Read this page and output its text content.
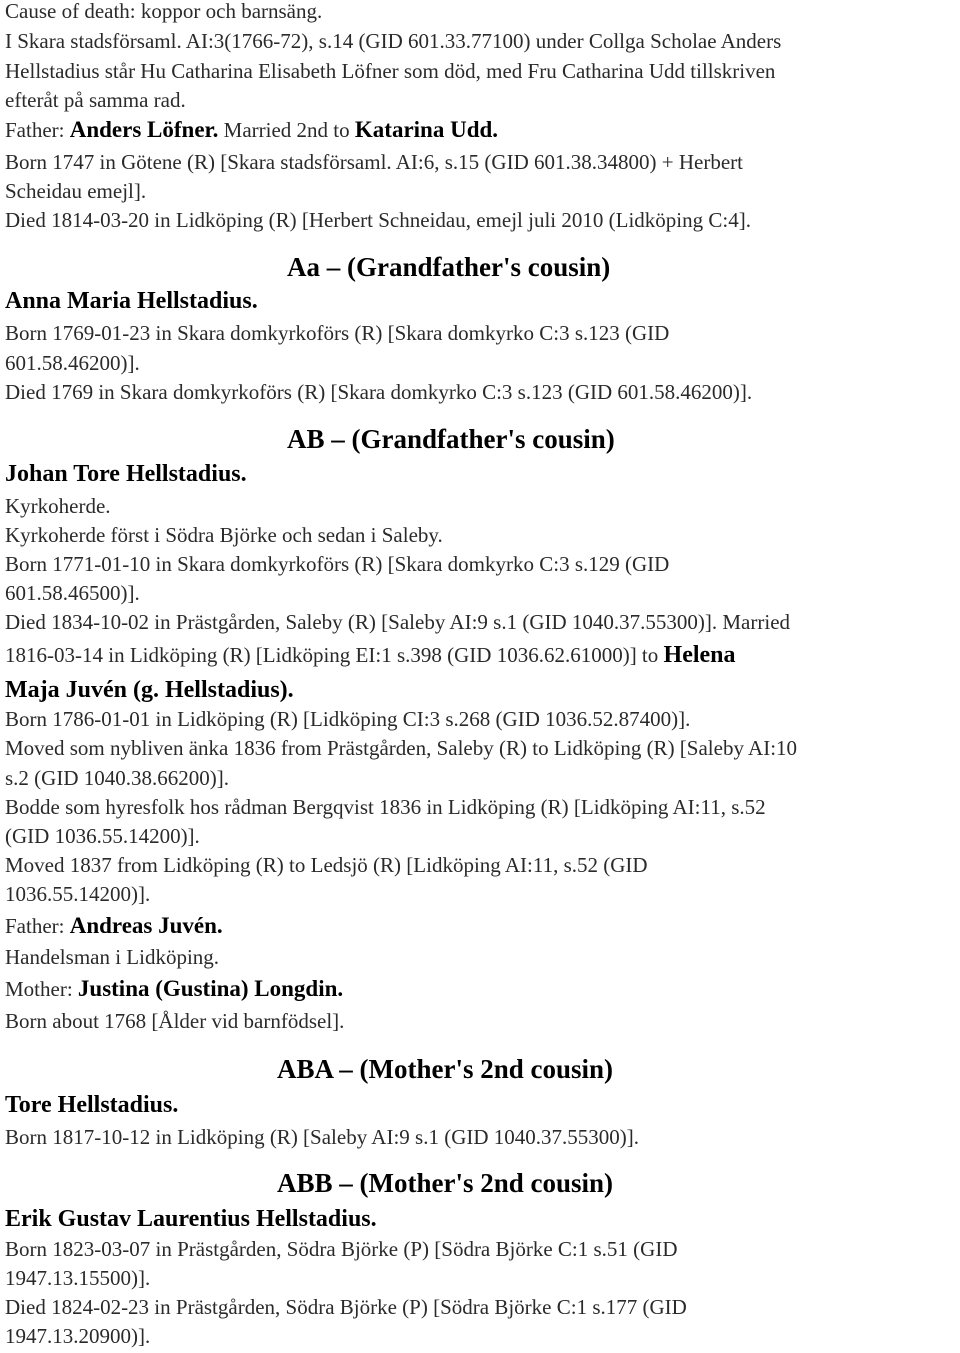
Cause of death: koppor och barnsäng.
I Skara stadsförsaml. AI:3(1766-72), s.14 (GID 601.33.77100) under Collga Scholae Anders
Hellstadius står Hu Catharina Elisabeth Löfner som död, med Fru Catharina Udd tillskriven
efteråt på samma rad.
Father: Anders Löfner. Married 2nd to Katarina Udd.
Born 1747 in Götene (R) [Skara stadsförsaml. AI:6, s.15 (GID 601.38.34800) + Herbert
Scheidau emejl].
Died 1814-03-20 in Lidköping (R) [Herbert Schneidau, emejl juli 2010 (Lidköping C:4].
Aa – (Grandfather's cousin)
Anna Maria Hellstadius.
Born 1769-01-23 in Skara domkyrkoförs (R) [Skara domkyrko C:3 s.123 (GID
601.58.46200)].
Died 1769 in Skara domkyrkoförs (R) [Skara domkyrko C:3 s.123 (GID 601.58.46200)].
AB – (Grandfather's cousin)
Johan Tore Hellstadius.
Kyrkoherde.
Kyrkoherde först i Södra Björke och sedan i Saleby.
Born 1771-01-10 in Skara domkyrkoförs (R) [Skara domkyrko C:3 s.129 (GID
601.58.46500)].
Died 1834-10-02 in Prästgården, Saleby (R) [Saleby AI:9 s.1 (GID 1040.37.55300)]. Married
1816-03-14 in Lidköping (R) [Lidköping EI:1 s.398 (GID 1036.62.61000)] to Helena
Maja Juvén (g. Hellstadius).
Born 1786-01-01 in Lidköping (R) [Lidköping CI:3 s.268 (GID 1036.52.87400)].
Moved som nybliven änka 1836 from Prästgården, Saleby (R) to Lidköping (R) [Saleby AI:10
s.2 (GID 1040.38.66200)].
Bodde som hyresfolk hos rådman Bergqvist 1836 in Lidköping (R) [Lidköping AI:11, s.52
(GID 1036.55.14200)].
Moved 1837 from Lidköping (R) to Ledsjö (R) [Lidköping AI:11, s.52 (GID
1036.55.14200)].
Father: Andreas Juvén.
Handelsman i Lidköping.
Mother: Justina (Gustina) Longdin.
Born about 1768 [Ålder vid barnfödsel].
ABA – (Mother's 2nd cousin)
Tore Hellstadius.
Born 1817-10-12 in Lidköping (R) [Saleby AI:9 s.1 (GID 1040.37.55300)].
ABB – (Mother's 2nd cousin)
Erik Gustav Laurentius Hellstadius.
Born 1823-03-07 in Prästgården, Södra Björke (P) [Södra Björke C:1 s.51 (GID
1947.13.15500)].
Died 1824-02-23 in Prästgården, Södra Björke (P) [Södra Björke C:1 s.177 (GID
1947.13.20900)].
